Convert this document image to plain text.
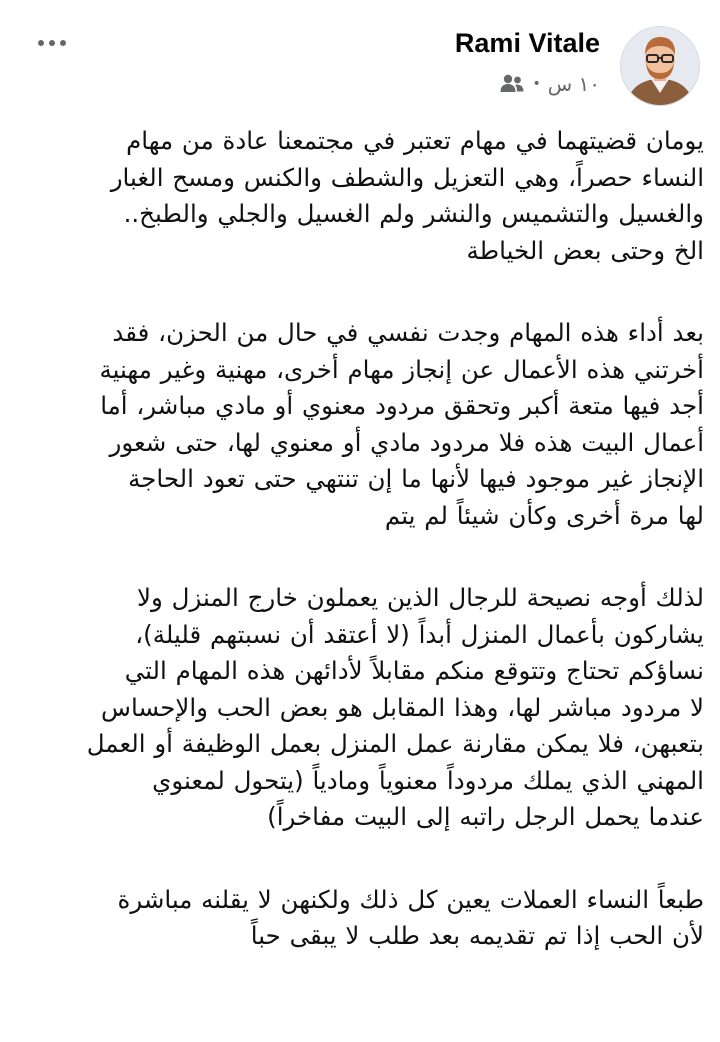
Rami Vitale
١٠ س
•

يومان قضيتهما في مهام تعتبر في مجتمعنا عادة من مهام
النساء حصراً، وهي التعزيل والشطف والكنس ومسح الغبار
والغسيل والتشميس والنشر ولم الغسيل والجلي والطبخ..
الخ وحتى بعض الخياطة

بعد أداء هذه المهام وجدت نفسي في حال من الحزن، فقد
أخرتني هذه الأعمال عن إنجاز مهام أخرى، مهنية وغير مهنية
أجد فيها متعة أكبر وتحقق مردود معنوي أو مادي مباشر، أما
أعمال البيت هذه فلا مردود مادي أو معنوي لها، حتى شعور
الإنجاز غير موجود فيها لأنها ما إن تنتهي حتى تعود الحاجة
لها مرة أخرى وكأن شيئاً لم يتم

لذلك أوجه نصيحة للرجال الذين يعملون خارج المنزل ولا
يشاركون بأعمال المنزل أبداً (لا أعتقد أن نسبتهم قليلة)،
نساؤكم تحتاج وتتوقع منكم مقابلاً لأدائهن هذه المهام التي
لا مردود مباشر لها، وهذا المقابل هو بعض الحب والإحساس
بتعبهن، فلا يمكن مقارنة عمل المنزل بعمل الوظيفة أو العمل
المهني الذي يملك مردوداً معنوياً ومادياً (يتحول لمعنوي
عندما يحمل الرجل راتبه إلى البيت مفاخراً)

طبعاً النساء العملات يعين كل ذلك ولكنهن لا يقلنه مباشرة
لأن الحب إذا تم تقديمه بعد طلب لا يبقى حباً
